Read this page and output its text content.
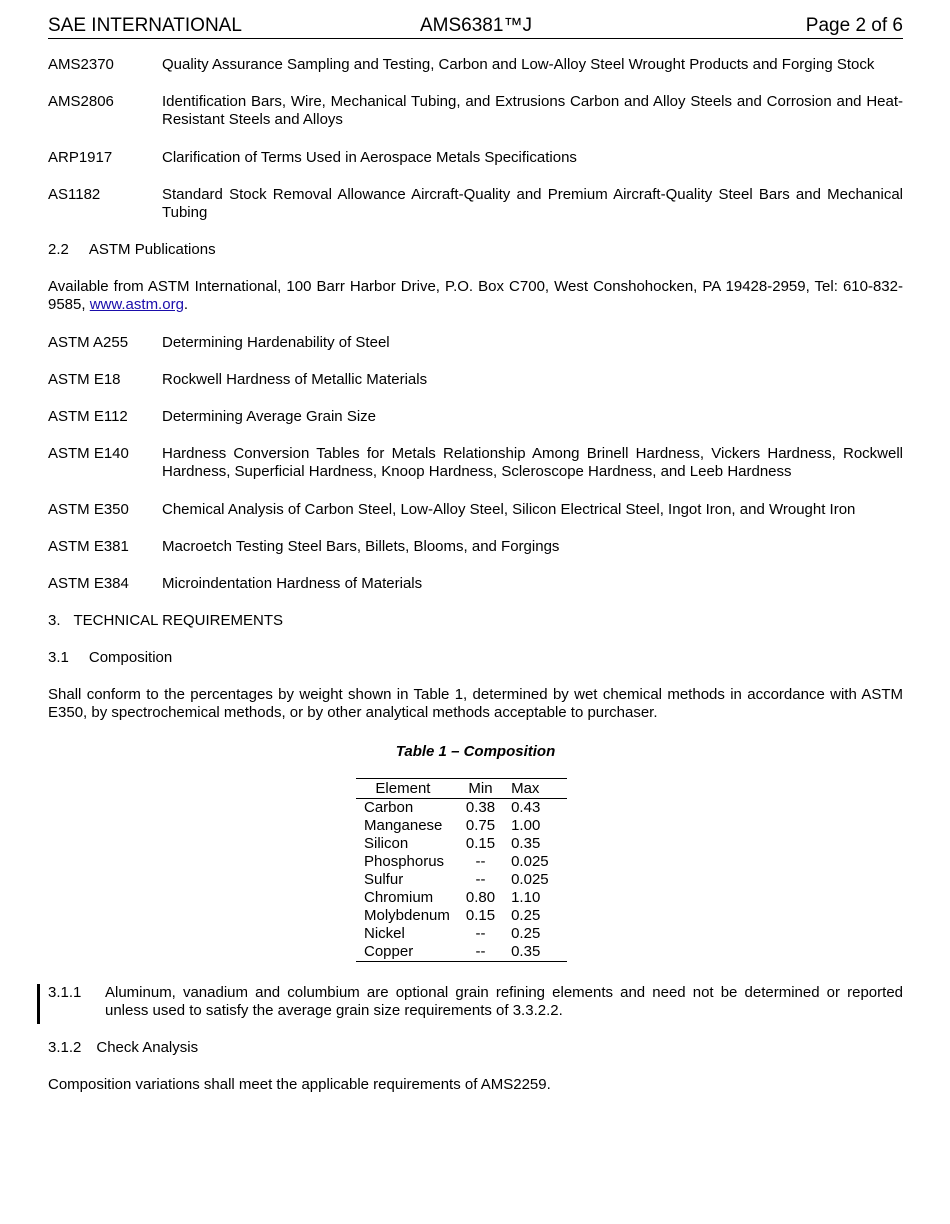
SAE INTERNATIONAL	AMS6381™J	Page 2 of 6
AMS2370	Quality Assurance Sampling and Testing, Carbon and Low-Alloy Steel Wrought Products and Forging Stock
AMS2806	Identification Bars, Wire, Mechanical Tubing, and Extrusions Carbon and Alloy Steels and Corrosion and Heat-Resistant Steels and Alloys
ARP1917	Clarification of Terms Used in Aerospace Metals Specifications
AS1182	Standard Stock Removal Allowance Aircraft-Quality and Premium Aircraft-Quality Steel Bars and Mechanical Tubing
2.2 ASTM Publications
Available from ASTM International, 100 Barr Harbor Drive, P.O. Box C700, West Conshohocken, PA 19428-2959, Tel: 610-832-9585, www.astm.org.
ASTM A255 Determining Hardenability of Steel
ASTM E18	Rockwell Hardness of Metallic Materials
ASTM E112 Determining Average Grain Size
ASTM E140 Hardness Conversion Tables for Metals Relationship Among Brinell Hardness, Vickers Hardness, Rockwell Hardness, Superficial Hardness, Knoop Hardness, Scleroscope Hardness, and Leeb Hardness
ASTM E350 Chemical Analysis of Carbon Steel, Low-Alloy Steel, Silicon Electrical Steel, Ingot Iron, and Wrought Iron
ASTM E381 Macroetch Testing Steel Bars, Billets, Blooms, and Forgings
ASTM E384 Microindentation Hardness of Materials
3. TECHNICAL REQUIREMENTS
3.1 Composition
Shall conform to the percentages by weight shown in Table 1, determined by wet chemical methods in accordance with ASTM E350, by spectrochemical methods, or by other analytical methods acceptable to purchaser.
Table 1 – Composition
Element	Min	Max
Carbon	0.38	0.43
Manganese	0.75	1.00
Silicon	0.15	0.35
Phosphorus	--	0.025
Sulfur	--	0.025
Chromium	0.80	1.10
Molybdenum	0.15	0.25
Nickel	--	0.25
Copper	--	0.35
3.1.1 Aluminum, vanadium and columbium are optional grain refining elements and need not be determined or reported unless used to satisfy the average grain size requirements of 3.3.2.2.
3.1.2 Check Analysis
Composition variations shall meet the applicable requirements of AMS2259.
